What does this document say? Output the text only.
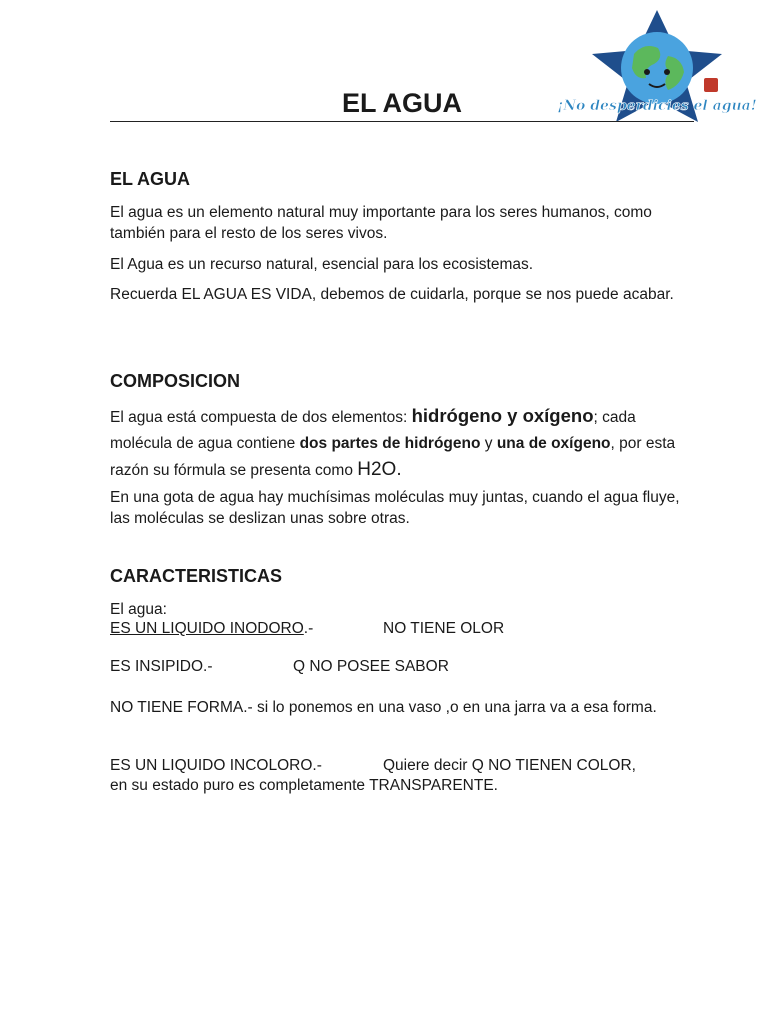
¡No desperdicies el agua!
EL AGUA
EL AGUA

El agua es un elemento natural muy importante para los seres humanos, como también para el resto de los seres vivos.

El Agua es un recurso natural, esencial para los ecosistemas.

Recuerda EL AGUA ES VIDA, debemos de cuidarla, porque se nos puede acabar.

COMPOSICION

El agua está compuesta de dos elementos: hidrógeno y oxígeno; cada molécula de agua contiene dos partes de hidrógeno y una de oxígeno, por esta razón su fórmula se presenta como H2O.

En una gota de agua hay muchísimas moléculas muy juntas, cuando el agua fluye, las moléculas se deslizan unas sobre otras.

CARACTERISTICAS

El agua:

ES UN LIQUIDO INODORO.-	NO TIENE OLOR
ES INSIPIDO.-	Q NO POSEE SABOR

NO TIENE FORMA.- si lo ponemos en una vaso ,o en una jarra va a esa forma.

ES UN LIQUIDO INCOLORO.-	Quiere decir Q NO TIENEN COLOR,
en su estado puro es completamente TRANSPARENTE.
